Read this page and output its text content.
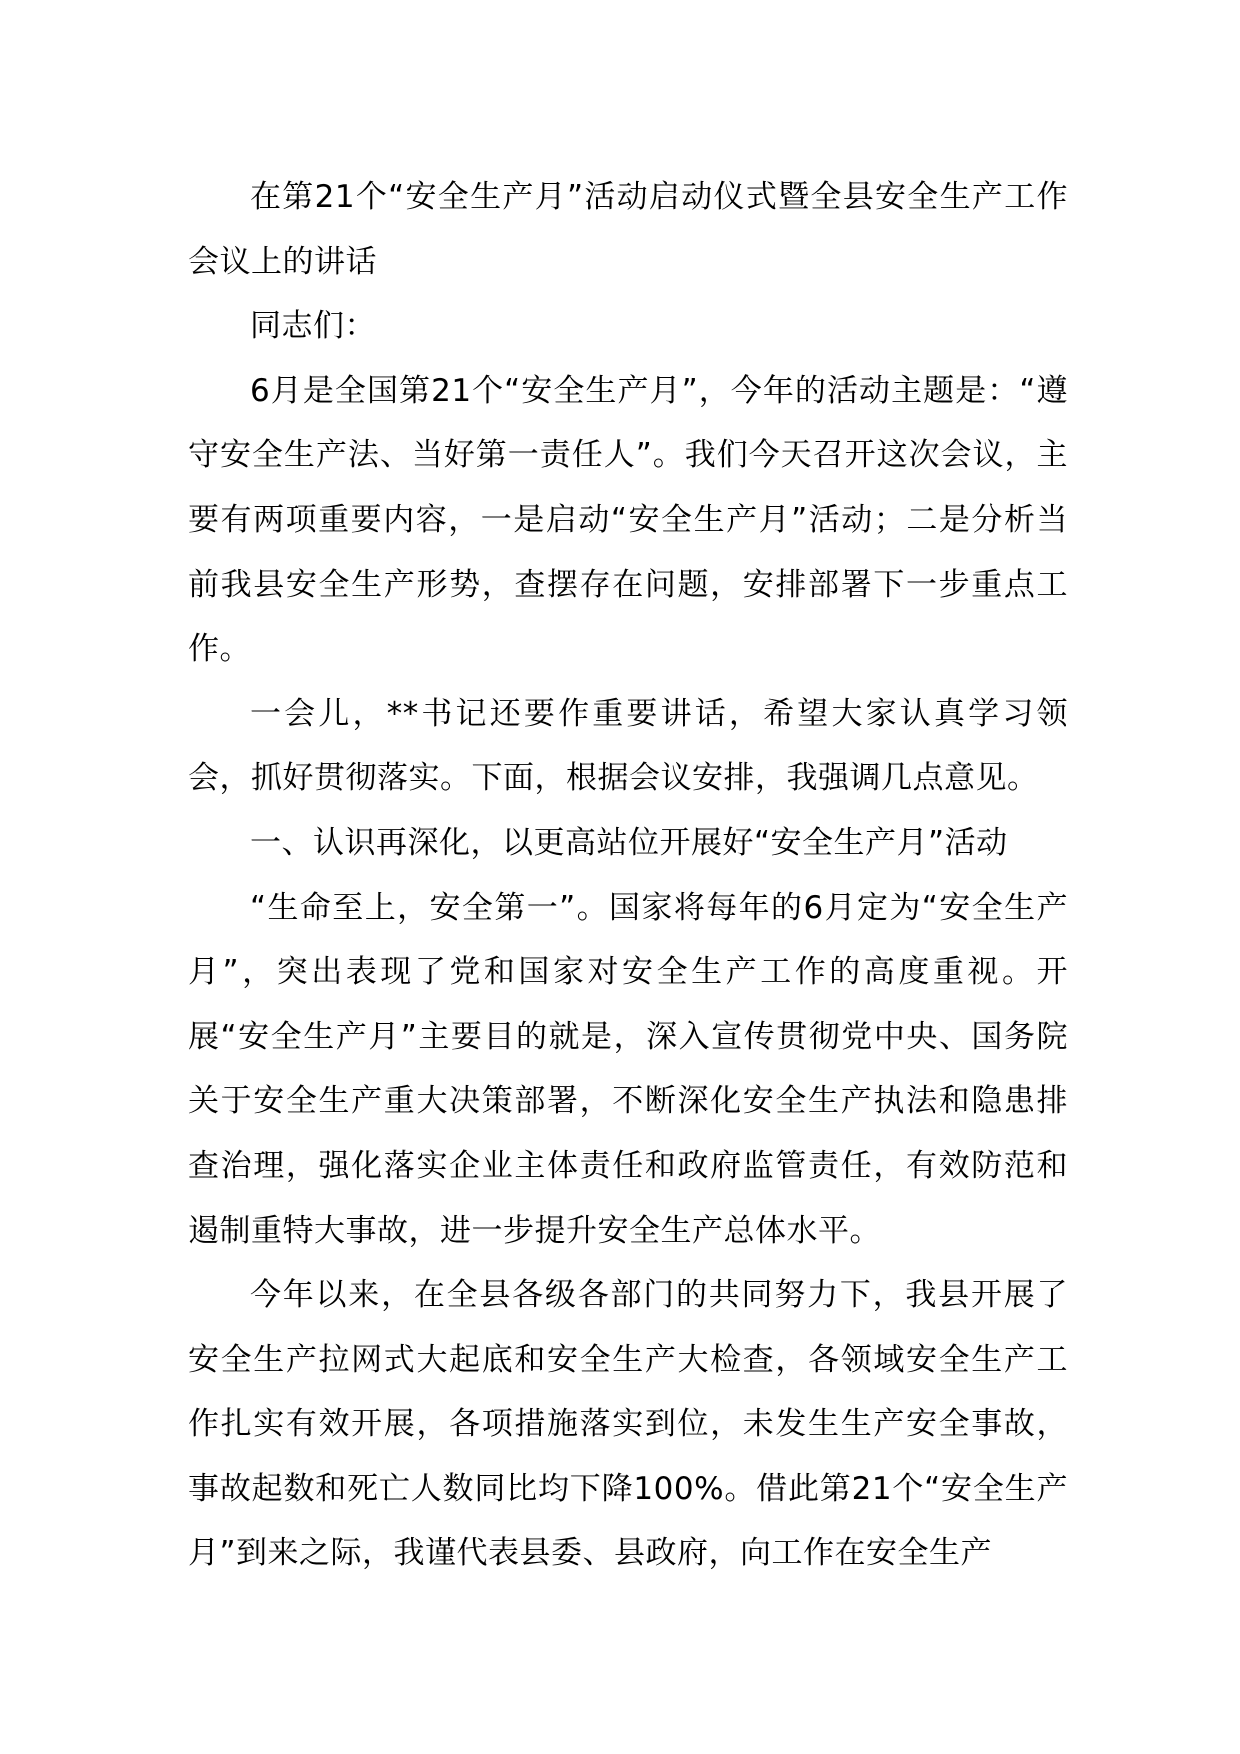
在第21个“安全生产月”活动启动仪式暨全县安全生产工作会议上的讲话

同志们：

6月是全国第21个“安全生产月”，今年的活动主题是：“遵守安全生产法、当好第一责任人”。我们今天召开这次会议，主要有两项重要内容，一是启动“安全生产月”活动；二是分析当前我县安全生产形势，查摆存在问题，安排部署下一步重点工作。

一会儿，**书记还要作重要讲话，希望大家认真学习领会，抓好贯彻落实。下面，根据会议安排，我强调几点意见。

一、认识再深化，以更高站位开展好“安全生产月”活动

“生命至上，安全第一”。国家将每年的6月定为“安全生产月”，突出表现了党和国家对安全生产工作的高度重视。开展“安全生产月”主要目的就是，深入宣传贯彻党中央、国务院关于安全生产重大决策部署，不断深化安全生产执法和隐患排查治理，强化落实企业主体责任和政府监管责任，有效防范和遏制重特大事故，进一步提升安全生产总体水平。

今年以来，在全县各级各部门的共同努力下，我县开展了安全生产拉网式大起底和安全生产大检查，各领域安全生产工作扎实有效开展，各项措施落实到位，未发生生产安全事故，事故起数和死亡人数同比均下降100%。借此第21个“安全生产月”到来之际，我谨代表县委、县政府，向工作在安全生产
